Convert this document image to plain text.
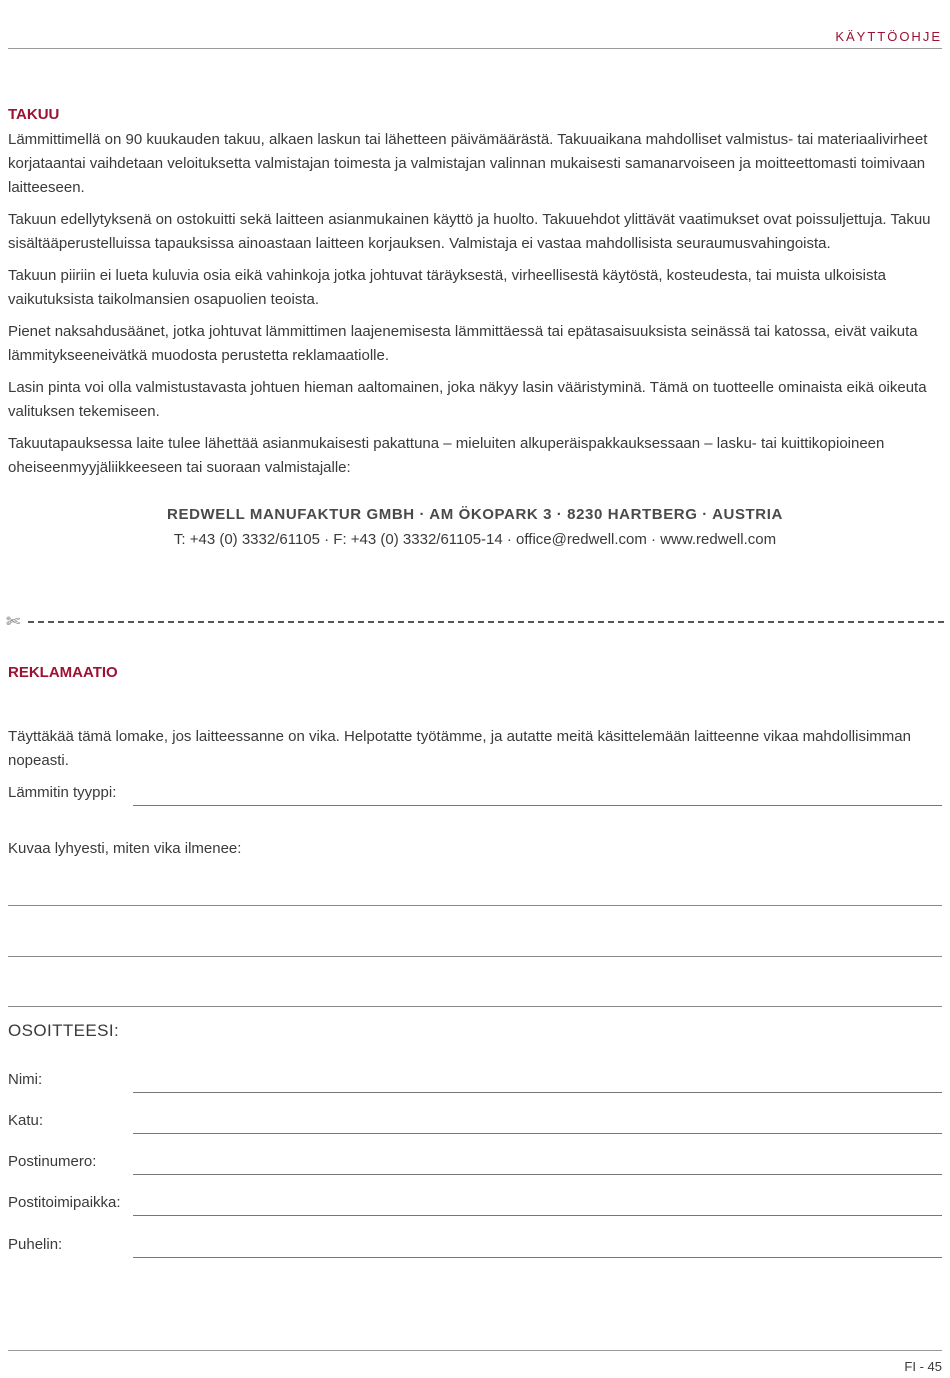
KÄYTTÖOHJE
TAKUU

Lämmittimellä on 90 kuukauden takuu, alkaen laskun tai lähetteen päivämäärästä. Takuuaikana mahdolliset valmistus- tai materiaalivirheet korjataantai vaihdetaan veloituksetta valmistajan toimesta ja valmistajan valinnan mukaisesti samanarvoiseen ja moitteettomasti toimivaan laitteeseen.

Takuun edellytyksenä on ostokuitti sekä laitteen asianmukainen käyttö ja huolto. Takuuehdot ylittävät vaatimukset ovat poissuljettuja. Takuu sisältääperustelluissa tapauksissa ainoastaan laitteen korjauksen. Valmistaja ei vastaa mahdollisista seuraumusvahingoista.

Takuun piiriin ei lueta kuluvia osia eikä vahinkoja jotka johtuvat täräyksestä, virheellisestä käytöstä, kosteudesta, tai muista ulkoisista vaikutuksista taikolmansien osapuolien teoista.

Pienet naksahdusäänet, jotka johtuvat lämmittimen laajenemisesta lämmittäessä tai epätasaisuuksista seinässä tai katossa, eivät vaikuta lämmitykseeneivätkä muodosta perustetta reklamaatiolle.

Lasin pinta voi olla valmistustavasta johtuen hieman aaltomainen, joka näkyy lasin vääristyminä. Tämä on tuotteelle ominaista eikä oikeuta valituksen tekemiseen.

Takuutapauksessa laite tulee lähettää asianmukaisesti pakattuna – mieluiten alkuperäispakkauksessaan – lasku- tai kuittikopioineen oheiseenmyyjäliikkeeseen tai suoraan valmistajalle:

REDWELL MANUFAKTUR GMBH · AM ÖKOPARK 3 · 8230 HARTBERG · AUSTRIA
T: +43 (0) 3332/61105 · F: +43 (0) 3332/61105-14 · office@redwell.com · www.redwell.com
✄
REKLAMAATIO

Täyttäkää tämä lomake, jos laitteessanne on vika. Helpotatte työtämme, ja autatte meitä käsittelemään laitteenne vikaa mahdollisimman nopeasti.

Lämmitin tyyppi:
Kuvaa lyhyesti, miten vika ilmenee:
OSOITTEESI:
Nimi:
Katu:
Postinumero:
Postitoimipaikka:
Puhelin:
FI - 45
